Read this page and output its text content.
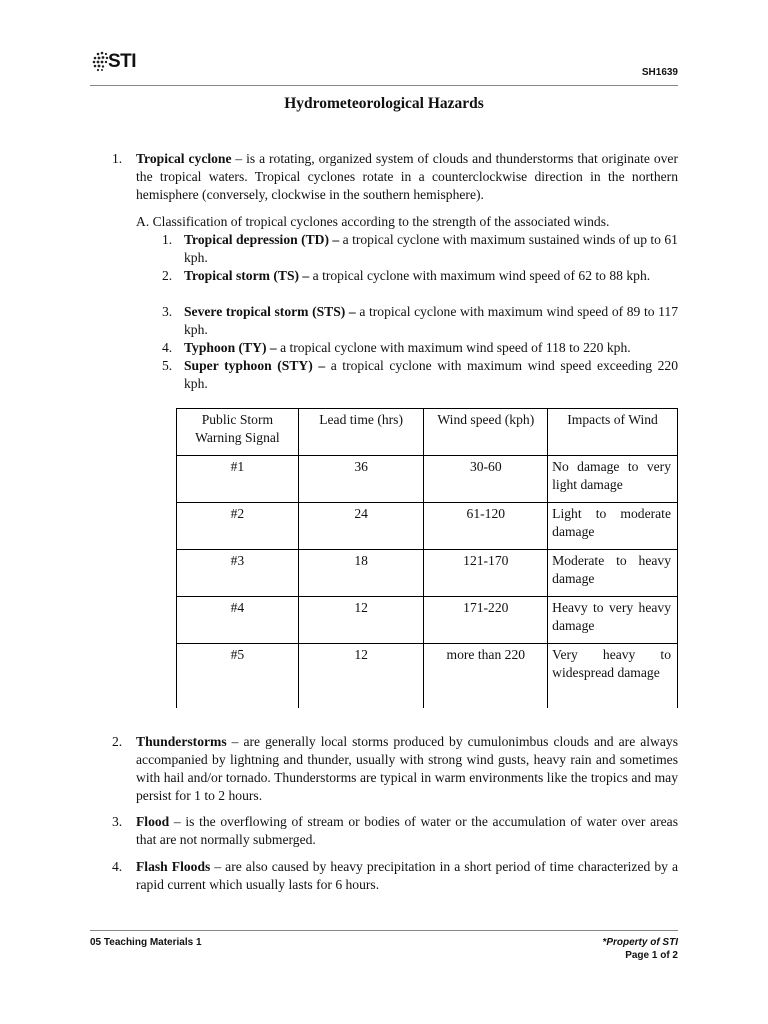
STI
SH1639
Hydrometeorological Hazards
1. Tropical cyclone – is a rotating, organized system of clouds and thunderstorms that originate over the tropical waters. Tropical cyclones rotate in a counterclockwise direction in the northern hemisphere (conversely, clockwise in the southern hemisphere).
A. Classification of tropical cyclones according to the strength of the associated winds.
1. Tropical depression (TD) – a tropical cyclone with maximum sustained winds of up to 61 kph.
2. Tropical storm (TS) – a tropical cyclone with maximum wind speed of 62 to 88 kph.
3. Severe tropical storm (STS) – a tropical cyclone with maximum wind speed of 89 to 117 kph.
4. Typhoon (TY) – a tropical cyclone with maximum wind speed of 118 to 220 kph.
5. Super typhoon (STY) – a tropical cyclone with maximum wind speed exceeding 220 kph.
Public Storm Warning Signal	Lead time (hrs)	Wind speed (kph)	Impacts of Wind
#1	36	30-60	No damage to very light damage
#2	24	61-120	Light to moderate damage
#3	18	121-170	Moderate to heavy damage
#4	12	171-220	Heavy to very heavy damage
#5	12	more than 220	Very heavy to widespread damage
2. Thunderstorms – are generally local storms produced by cumulonimbus clouds and are always accompanied by lightning and thunder, usually with strong wind gusts, heavy rain and sometimes with hail and/or tornado. Thunderstorms are typical in warm environments like the tropics and may persist for 1 to 2 hours.
3. Flood – is the overflowing of stream or bodies of water or the accumulation of water over areas that are not normally submerged.
4. Flash Floods – are also caused by heavy precipitation in a short period of time characterized by a rapid current which usually lasts for 6 hours.
05 Teaching Materials 1	*Property of STI
Page 1 of 2
